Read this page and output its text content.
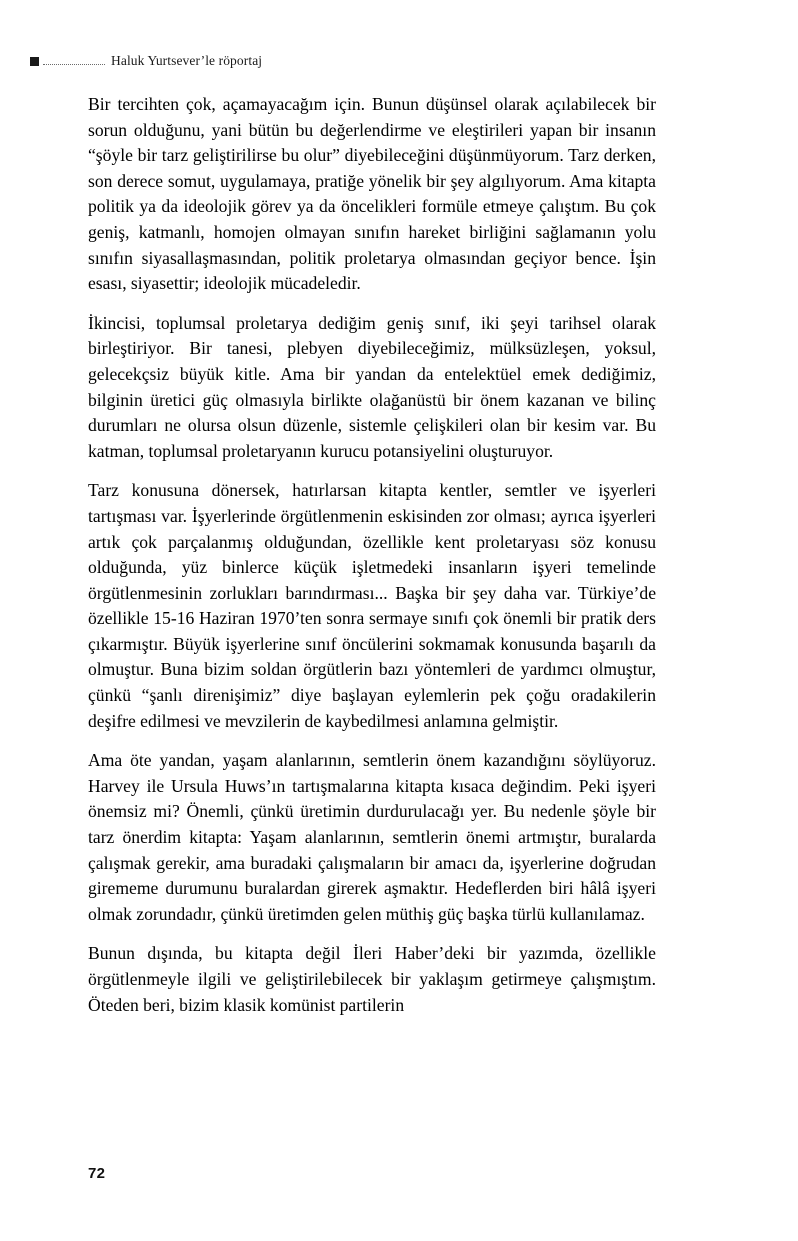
Haluk Yurtsever’le röportaj

Bir tercihten çok, açamayacağım için. Bunun düşünsel olarak açılabilecek bir sorun olduğunu, yani bütün bu değerlendirme ve eleştirileri yapan bir insanın “şöyle bir tarz geliştirilirse bu olur” diyebileceğini düşünmüyorum. Tarz derken, son derece somut, uygulamaya, pratiğe yönelik bir şey algılıyorum. Ama kitapta politik ya da ideolojik görev ya da öncelikleri formüle etmeye çalıştım. Bu çok geniş, katmanlı, homojen olmayan sınıfın hareket birliğini sağlamanın yolu sınıfın siyasallaşmasından, politik proletarya olmasından geçiyor bence. İşin esası, siyasettir; ideolojik mücadeledir.

İkincisi, toplumsal proletarya dediğim geniş sınıf, iki şeyi tarihsel olarak birleştiriyor. Bir tanesi, plebyen diyebileceğimiz, mülksüzleşen, yoksul, gelecekçsiz büyük kitle. Ama bir yandan da entelektüel emek dediğimiz, bilginin üretici güç olmasıyla birlikte olağanüstü bir önem kazanan ve bilinç durumları ne olursa olsun düzenle, sistemle çelişkileri olan bir kesim var. Bu katman, toplumsal proletaryanın kurucu potansiyelini oluşturuyor.

Tarz konusuna dönersek, hatırlarsan kitapta kentler, semtler ve işyerleri tartışması var. İşyerlerinde örgütlenmenin eskisinden zor olması; ayrıca işyerleri artık çok parçalanmış olduğundan, özellikle kent proletaryası söz konusu olduğunda, yüz binlerce küçük işletmedeki insanların işyeri temelinde örgütlenmesinin zorlukları barındırması... Başka bir şey daha var. Türkiye’de özellikle 15-16 Haziran 1970’ten sonra sermaye sınıfı çok önemli bir pratik ders çıkarmıştır. Büyük işyerlerine sınıf öncülerini sokmamak konusunda başarılı da olmuştur. Buna bizim soldan örgütlerin bazı yöntemleri de yardımcı olmuştur, çünkü “şanlı direnişimiz” diye başlayan eylemlerin pek çoğu oradakilerin deşifre edilmesi ve mevzilerin de kaybedilmesi anlamına gelmiştir.

Ama öte yandan, yaşam alanlarının, semtlerin önem kazandığını söylüyoruz. Harvey ile Ursula Huws’ın tartışmalarına kitapta kısaca değindim. Peki işyeri önemsiz mi? Önemli, çünkü üretimin durdurulacağı yer. Bu nedenle şöyle bir tarz önerdim kitapta: Yaşam alanlarının, semtlerin önemi artmıştır, buralarda çalışmak gerekir, ama buradaki çalışmaların bir amacı da, işyerlerine doğrudan girememe durumunu buralardan girerek aşmaktır. Hedeflerden biri hâlâ işyeri olmak zorundadır, çünkü üretimden gelen müthiş güç başka türlü kullanılamaz.

Bunun dışında, bu kitapta değil İleri Haber’deki bir yazımda, özellikle örgütlenmeyle ilgili ve geliştirilebilecek bir yaklaşım getirmeye çalışmıştım. Öteden beri, bizim klasik komünist partilerin

72
